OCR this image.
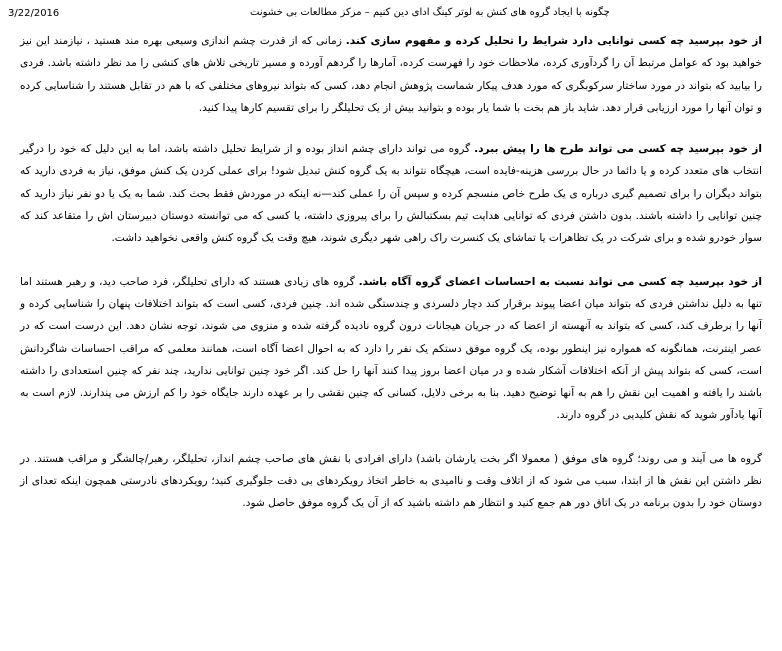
3/22/2016	چگونه با ایجاد گروه های کنش به لوتر کینگ ادای دین کنیم – مرکز مطالعات بی خشونت

از خود بپرسید چه کسی توانایی دارد شرایط را تحلیل کرده و مفهوم سازی کند. زمانی که از قدرت چشم اندازی وسیعی بهره مند هستید ، نیازمند این نیز خواهید بود که عوامل مرتبط آن را گردآوری کرده، ملاحظات خود را فهرست کرده، آمارها را گردهم آورده و مسیر تاریخی تلاش های کنشی را مد نظر داشته باشد. فردی را بیابید که بتواند در مورد ساختار سرکوبگری که مورد هدف پیکار شماست پژوهش انجام دهد، کسی که بتواند نیروهای مختلفی که با هم در تقابل هستند را شناسایی کرده و توان آنها را مورد ارزیابی قرار دهد. شاید باز هم بخت با شما یار بوده و بتوانید بیش از یک تحلیلگر را برای تقسیم کارها پیدا کنید.

از خود بپرسید چه کسی می تواند طرح ها را پیش ببرد. گروه می تواند دارای چشم انداز بوده و از شرایط تحلیل داشته باشد، اما به این دلیل که خود را درگیر انتخاب های متعدد کرده و یا دائما در حال بررسی هزینه-فایده است، هیچگاه نتواند به یک گروه کنش تبدیل شود! برای عملی کردن یک کنش موفق، نیاز به فردی دارید که بتواند دیگران را برای تصمیم گیری درباره ی یک طرح خاص منسجم کرده و سپس آن را عملی کند—نه اینکه در موردش فقط بحث کند. شما به یک یا دو نفر نیاز دارید که چنین توانایی را داشته باشند. بدون داشتن فردی که توانایی هدایت تیم بسکتبالش را برای پیروزی داشته، یا کسی که می توانسته دوستان دبیرستان اش را متقاعد کند که سوار خودرو شده و برای شرکت در یک تظاهرات یا تماشای یک کنسرت راک راهی شهر دیگری شوند، هیچ وقت یک گروه کنش واقعی نخواهید داشت.

از خود بپرسید چه کسی می تواند نسبت به احساسات اعضای گروه آگاه باشد. گروه های زیادی هستند که دارای تحلیلگر، فرد صاحب دید، و رهبر هستند اما تنها به دلیل نداشتن فردی که بتواند میان اعضا پیوند برقرار کند دچار دلسردی و چندستگی شده اند. چنین فردی، کسی است که بتواند اختلافات پنهان را شناسایی کرده و آنها را برطرف کند، کسی که بتواند به آنهسته از اعضا که در جریان هیجانات درون گروه نادیده گرفته شده و منزوی می شوند، توجه نشان دهد. این درست است که در عصر اینترنت، همانگونه که همواره نیز اینطور بوده، یک گروه موفق دستکم یک نفر را دارد که به احوال اعضا آگاه است، همانند معلمی که مراقب احساسات شاگردانش است، کسی که بتواند پیش از آنکه اختلافات آشکار شده و در میان اعضا بروز پیدا کنند آنها را حل کند. اگر خود چنین توانایی ندارید، چند نفر که چنین استعدادی را داشته باشند را یافته و اهمیت این نقش را هم به آنها توضیح دهید. بنا به برخی دلایل، کسانی که چنین نقشی را بر عهده دارند جایگاه خود را کم ارزش می پندارند. لازم است به آنها یادآور شوید که نقش کلیدیی در گروه دارند.

گروه ها می آیند و می روند؛ گروه های موفق ( معمولا اگر بخت یارشان باشد) دارای افرادی با نقش های صاحب چشم انداز، تحلیلگر، رهبر/چالشگر و مراقب هستند. در نظر داشتن این نقش ها از ابتدا، سبب می شود که از اتلاف وقت و ناامیدی به خاطر اتخاذ رویکردهای بی دقت جلوگیری کنید؛ رویکردهای نادرستی همچون اینکه تعدای از دوستان خود را بدون برنامه در یک اتاق دور هم جمع کنید و انتظار هم داشته باشید که از آن یک گروه موفق حاصل شود.
